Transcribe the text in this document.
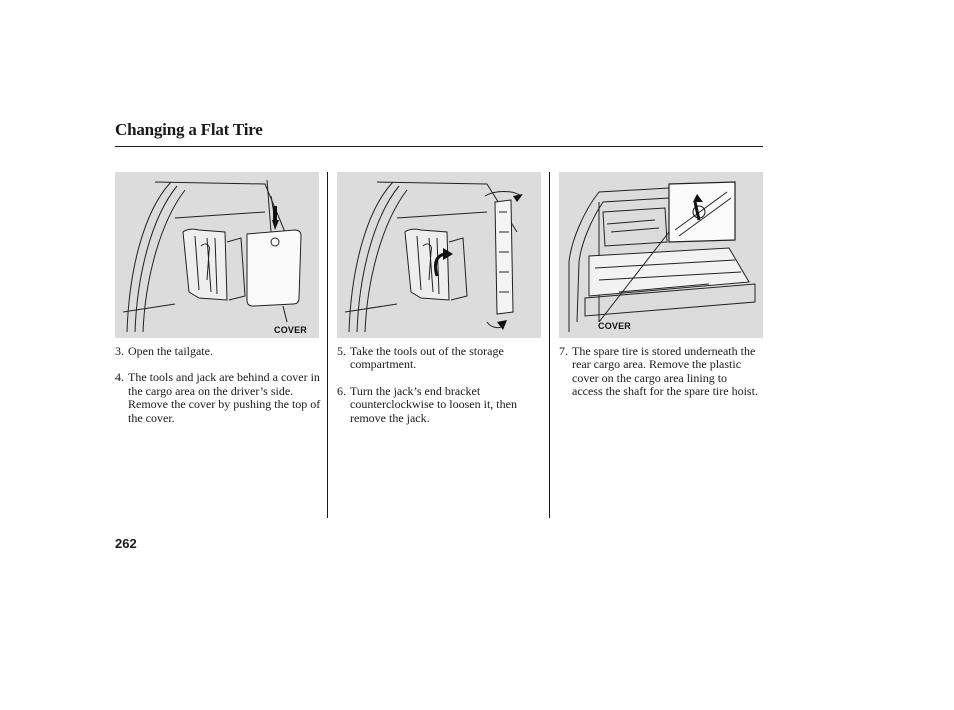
Changing a Flat Tire
COVER	COVER
3. Open the tailgate.
4. The tools and jack are behind a cover in the cargo area on the driver’s side. Remove the cover by pushing the top of the cover.
5. Take the tools out of the storage compartment.
6. Turn the jack’s end bracket counterclockwise to loosen it, then remove the jack.
7. The spare tire is stored underneath the rear cargo area. Remove the plastic cover on the cargo area lining to access the shaft for the spare tire hoist.
262
